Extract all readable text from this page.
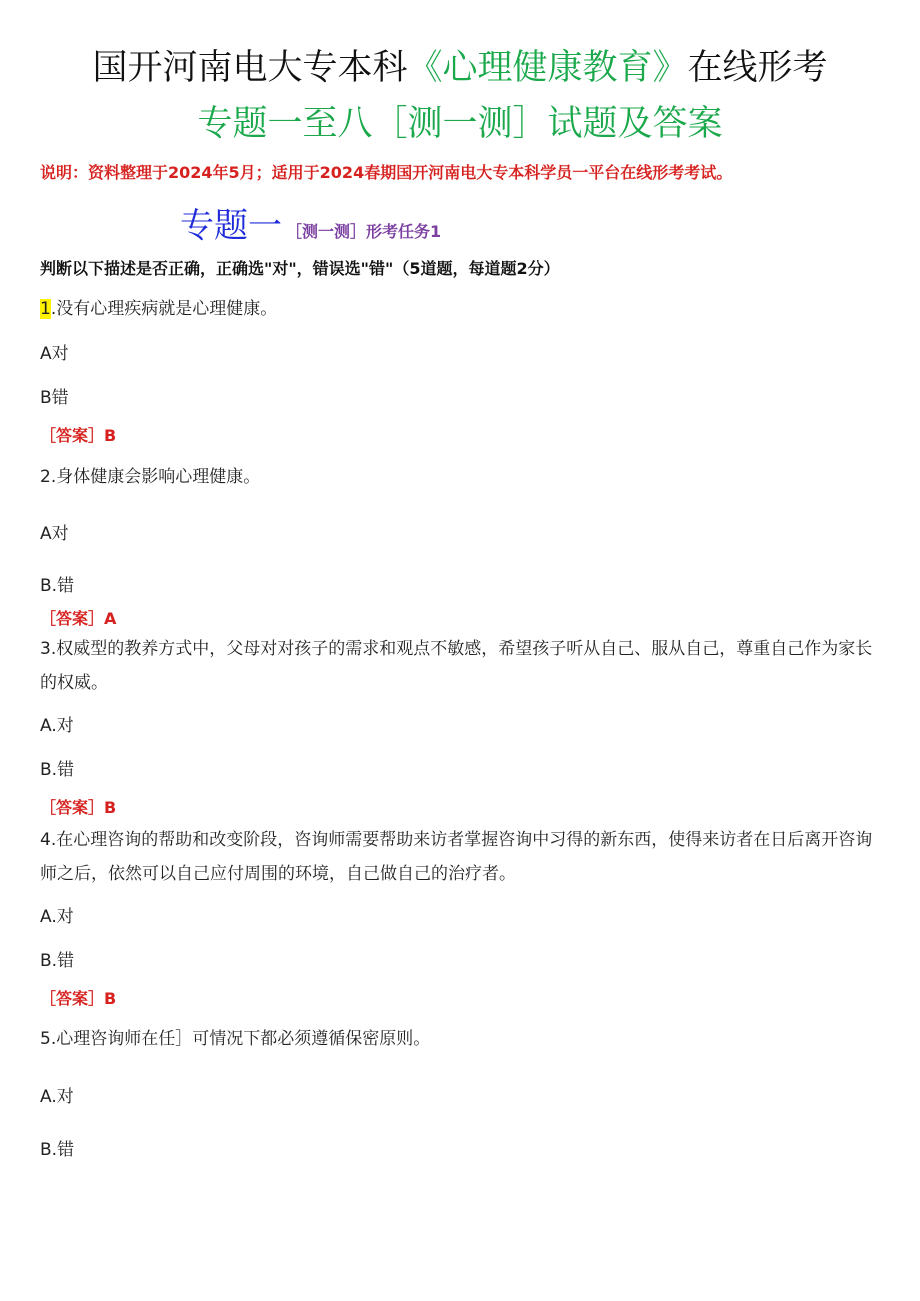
国开河南电大专本科《心理健康教育》在线形考
专题一至八［测一测］试题及答案
说明：资料整理于2024年5月；适用于2024春期国开河南电大专本科学员一平台在线形考考试。
专题一 ［测一测］形考任务1
判断以下描述是否正确，正确选"对"，错误选"错"（5道题，每道题2分）
1.没有心理疾病就是心理健康。
A对
B错
［答案］B
2.身体健康会影响心理健康。
A对
B.错
［答案］A
3.权威型的教养方式中，父母对对孩子的需求和观点不敏感，希望孩子听从自己、服从自己，尊重自己作为家长的权威。
A.对
B.错
［答案］B
4.在心理咨询的帮助和改变阶段，咨询师需要帮助来访者掌握咨询中习得的新东西，使得来访者在日后离开咨询师之后，依然可以自己应付周围的环境，自己做自己的治疗者。
A.对
B.错
［答案］B
5.心理咨询师在任］可情况下都必须遵循保密原则。
A.对
B.错
